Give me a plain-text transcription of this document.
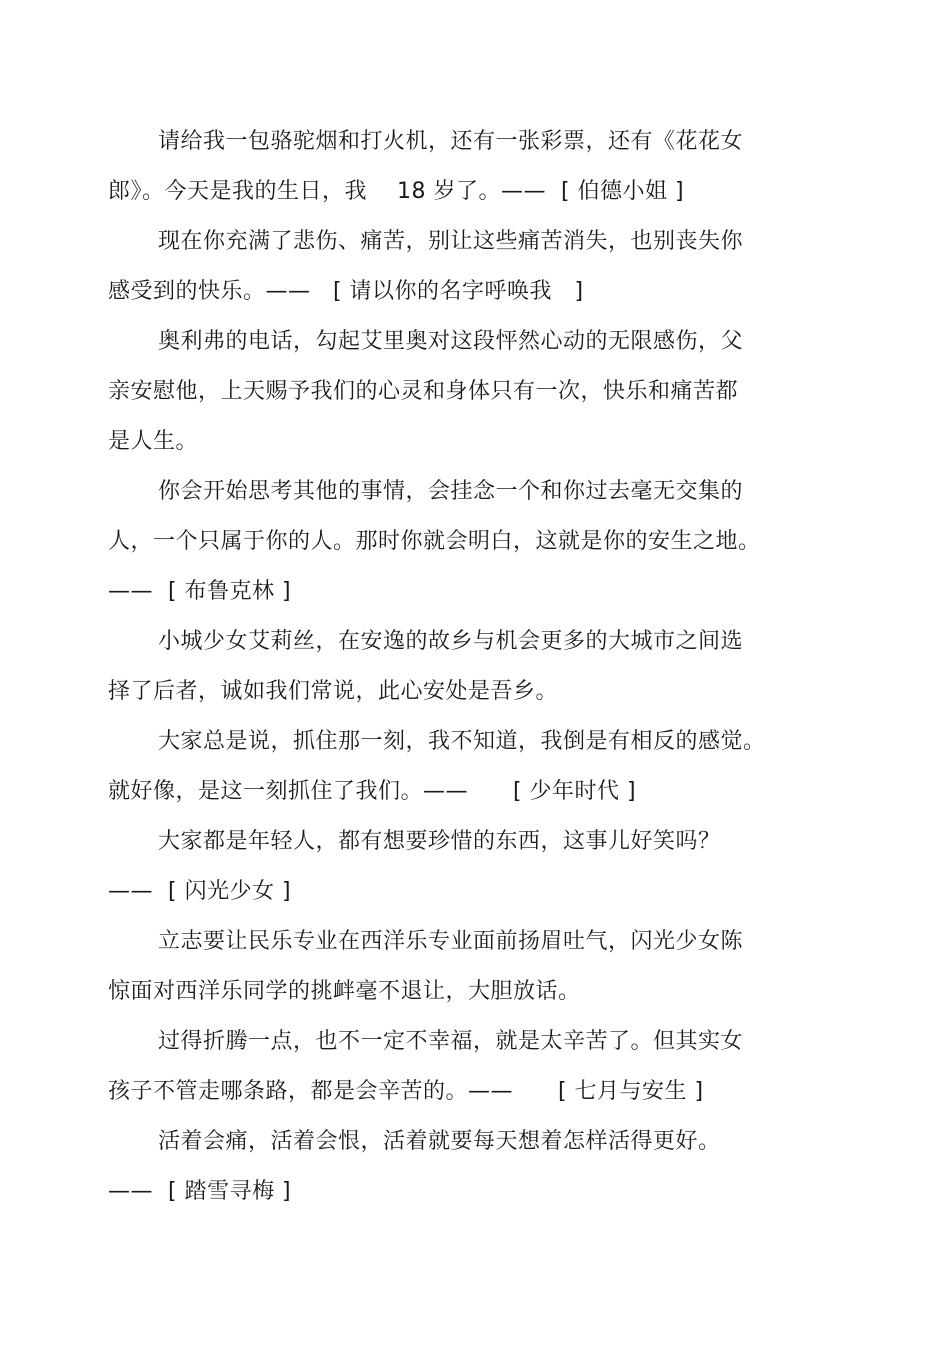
请给我一包骆驼烟和打火机，还有一张彩票，还有《花花女
郎》。今天是我的生日，我　 18 岁了。——  [ 伯德小姐 ]
现在你充满了悲伤、痛苦，别让这些痛苦消失，也别丧失你
感受到的快乐。——   [ 请以你的名字呼唤我   ]
奥利弗的电话，勾起艾里奥对这段怦然心动的无限感伤，父
亲安慰他，上天赐予我们的心灵和身体只有一次，快乐和痛苦都
是人生。
你会开始思考其他的事情，会挂念一个和你过去毫无交集的
人，一个只属于你的人。那时你就会明白，这就是你的安生之地。
——  [ 布鲁克林 ]
小城少女艾莉丝，在安逸的故乡与机会更多的大城市之间选
择了后者，诚如我们常说，此心安处是吾乡。
大家总是说，抓住那一刻，我不知道，我倒是有相反的感觉。
就好像，是这一刻抓住了我们。——      [ 少年时代 ]
大家都是年轻人，都有想要珍惜的东西，这事儿好笑吗？
——  [ 闪光少女 ]
立志要让民乐专业在西洋乐专业面前扬眉吐气，闪光少女陈
惊面对西洋乐同学的挑衅毫不退让，大胆放话。
过得折腾一点，也不一定不幸福，就是太辛苦了。但其实女
孩子不管走哪条路，都是会辛苦的。——      [ 七月与安生 ]
活着会痛，活着会恨，活着就要每天想着怎样活得更好。
——  [ 踏雪寻梅 ]
